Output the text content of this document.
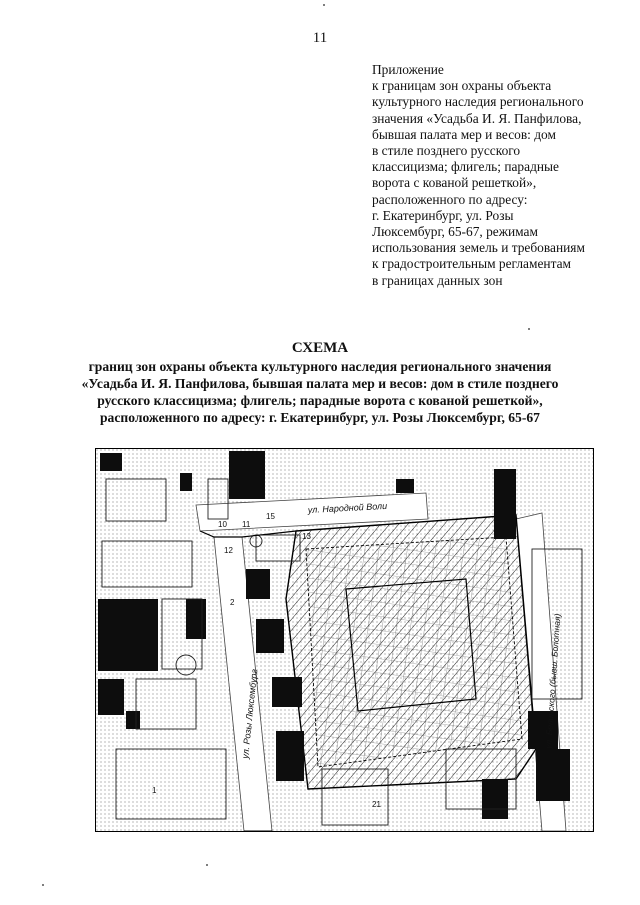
11
Приложение
к границам зон охраны объекта
культурного наследия регионального
значения «Усадьба И. Я. Панфилова,
бывшая палата мер и весов: дом
в стиле позднего русского
классицизма; флигель; парадные
ворота с кованой решеткой»,
расположенного по адресу:
г. Екатеринбург, ул. Розы
Люксембург, 65-67, режимам
использования земель и требованиям
к градостроительным регламентам
в границах данных зон
СХЕМА
границ зон охраны объекта культурного наследия регионального значения
«Усадьба И. Я. Панфилова, бывшая палата мер и весов: дом в стиле позднего
русского классицизма; флигель; парадные ворота с кованой решеткой»,
расположенного по адресу: г. Екатеринбург, ул. Розы Люксембург, 65-67
ул. Народной Воли
ул. Розы Люксембург	ул. Белинского (бывш. Болотная)
10 11
15
13
12
2
21
1
